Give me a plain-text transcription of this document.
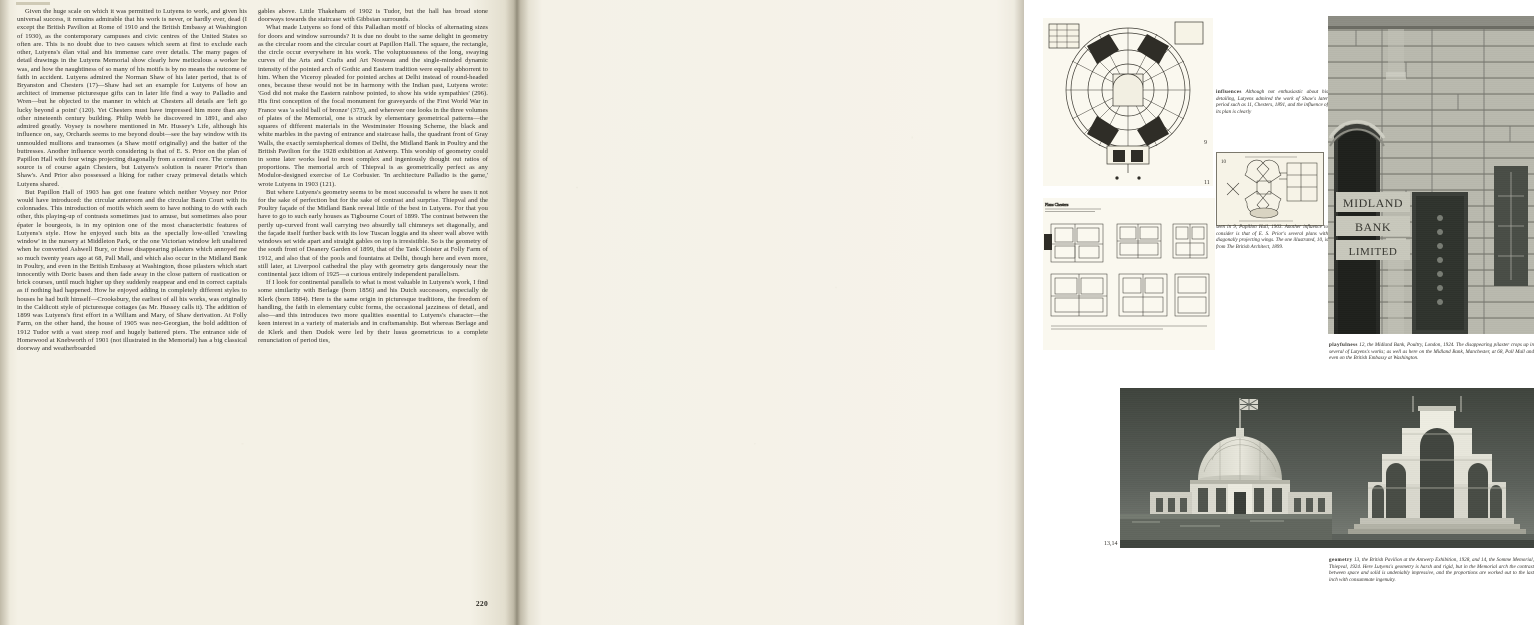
Given the huge scale on which it was permitted to Lutyens to work, and given his universal success, it remains admirable that his work is never, or hardly ever, dead (I except the British Pavilion at Rome of 1910 and the British Embassy at Washington of 1930), as the contemporary campuses and civic centres of the United States so often are. This is no doubt due to two causes which seem at first to exclude each other, Lutyens's élan vital and his immense care over details. The many pages of detail drawings in the Lutyens Memorial show clearly how meticulous a worker he was, and how the naughtiness of so many of his motifs is by no means the outcome of faith in accident. Lutyens admired the Norman Shaw of his later period, that is of Bryanston and Chesters (17)—Shaw had set an example for Lutyens of how an architect of immense picturesque gifts can in later life find a way to Palladio and Wren—but he objected to the manner in which at Chesters all details are 'left go lucky beyond a point' (120). Yet Chesters must have impressed him more than any other nineteenth century building. Philip Webb he discovered in 1891, and also admired greatly. Voysey is nowhere mentioned in Mr. Hussey's Life, although his influence on, say, Orchards seems to me beyond doubt—see the bay window with its unmoulded mullions and transomes (a Shaw motif originally) and the batter of the buttresses. Another influence worth considering is that of E. S. Prior on the plan of Papillon Hall with four wings projecting diagonally from a central core. The common source is of course again Chesters, but Lutyens's solution is nearer Prior's than Shaw's. And Prior also possessed a liking for rather crazy primeval details which Lutyens shared.

But Papillon Hall of 1903 has got one feature which neither Voysey nor Prior would have introduced: the circular anteroom and the circular Basin Court with its colonnades. This introduction of motifs which seem to have nothing to do with each other, this playing-up of contrasts sometimes just to amuse, but sometimes also pour épater le bourgeois, is in my opinion one of the most characteristic features of Lutyens's style. How he enjoyed such bits as the specially low-silled 'crawling window' in the nursery at Middleton Park, or the one Victorian window left unaltered when he converted Ashwell Bury, or those disappearing pilasters which annoyed me so much twenty years ago at 68, Pall Mall, and which also occur in the Midland Bank in Poultry, and even in the British Embassy at Washington, those pilasters which start innocently with Doric bases and then fade away in the close pattern of rustication or brick courses, until much higher up they suddenly reappear and end in correct capitals as if nothing had happened. How he enjoyed adding in completely different styles to houses he had built himself—Crooksbury, the earliest of all his works, was originally in the Caldicott style of picturesque cottages (as Mr. Hussey calls it). The addition of 1899 was Lutyens's first effort in a William and Mary, of Shaw derivation. At Folly Farm, on the other hand, the house of 1905 was neo-Georgian, the bold addition of 1912 Tudor with a vast steep roof and hugely battered piers. The entrance side of Homewood at Knebworth of 1901 (not illustrated in the Memorial) has a big classical doorway and weatherboarded

gables above. Little Thakeham of 1902 is Tudor, but the hall has broad stone doorways towards the staircase with Gibbsian surrounds.

What made Lutyens so fond of this Palladian motif of blocks of alternating sizes for doors and window surrounds? It is due no doubt to the same delight in geometry as the circular room and the circular court at Papillon Hall. The square, the rectangle, the circle occur everywhere in his work. The voluptuousness of the long, swaying curves of the Arts and Crafts and Art Nouveau and the single-minded dynamic intensity of the pointed arch of Gothic and Eastern tradition were equally abhorrent to him. When the Viceroy pleaded for pointed arches at Delhi instead of round-headed ones, because these would not be in harmony with the Indian past, Lutyens wrote: 'God did not make the Eastern rainbow pointed, to show his wide sympathies' (296). His first conception of the focal monument for graveyards of the First World War in France was 'a solid ball of bronze' (373), and wherever one looks in the three volumes of plates of the Memorial, one is struck by elementary geometrical patterns—the squares of different materials in the Westminster Housing Scheme, the black and white marbles in the paving of entrance and staircase halls, the quadrant front of Gray Walls, the exactly semispherical domes of Delhi, the Midland Bank in Poultry and the British Pavilion for the 1928 exhibition at Antwerp. This worship of geometry could in some later works lead to most complex and ingeniously thought out ratios of proportions. The memorial arch of Thiepval is as geometrically perfect as any Modulor-designed exercise of Le Corbusier. 'In architecture Palladio is the game,' wrote Lutyens in 1903 (121).

But where Lutyens's geometry seems to be most successful is where he uses it not for the sake of perfection but for the sake of contrast and surprise. Thiepval and the Poultry façade of the Midland Bank reveal little of the best in Lutyens. For that you have to go to such early houses as Tigbourne Court of 1899. The contrast between the pertly up-curved front wall carrying two absurdly tall chimneys set diagonally, and the façade itself further back with its low Tuscan loggia and its sheer wall above with windows set wide apart and straight gables on top is irresistible. So is the geometry of the south front of Deanery Garden of 1899, that of the Tank Cloister at Folly Farm of 1912, and also that of the pools and fountains at Delhi, though here and even more, still later, at Liverpool cathedral the play with geometry gets dangerously near the continental jazz idiom of 1925—a curious entirely independent parallelism.

If I look for continental parallels to what is most valuable in Lutyens's work, I find some similarity with Berlage (born 1856) and his Dutch successors, especially de Klerk (born 1884). Here is the same origin in picturesque traditions, the freedom of handling, the faith in elementary cubic forms, the occasional jazziness of detail, and also—and this introduces two more qualities essential to Lutyens's character—the keen interest in a variety of materials and in craftsmanship. But whereas Berlage and de Klerk and then Dudok were led by their lusus geometricus to a complete renunciation of period ties,

220
9
11
Plans Chesters
influences Although not enthusiastic about his detailing, Lutyens admired the work of Shaw's later period such as 11, Chesters, 1891, and the influence of its plan is clearly
10
seen in 9, Papillon Hall, 1903. Another influence to consider is that of E. S. Prior's several plans with diagonally projecting wings. The one illustrated, 10, is from The British Architect, 1899.
MIDLAND
BANK
LIMITED

playfulness 12, the Midland Bank, Poultry, London, 1924. The disappearing pilaster crops up in several of Lutyens's works; as well as here on the Midland Bank, Manchester, at 68, Pall Mall and even on the British Embassy at Washington.
13,14
geometry 13, the British Pavilion at the Antwerp Exhibition, 1928, and 14, the Somme Memorial, Thiepval, 1924. Here Lutyens's geometry is harsh and rigid, but in the Memorial arch the contrast between space and solid is undeniably impressive, and the proportions are worked out to the last inch with consummate ingenuity.
